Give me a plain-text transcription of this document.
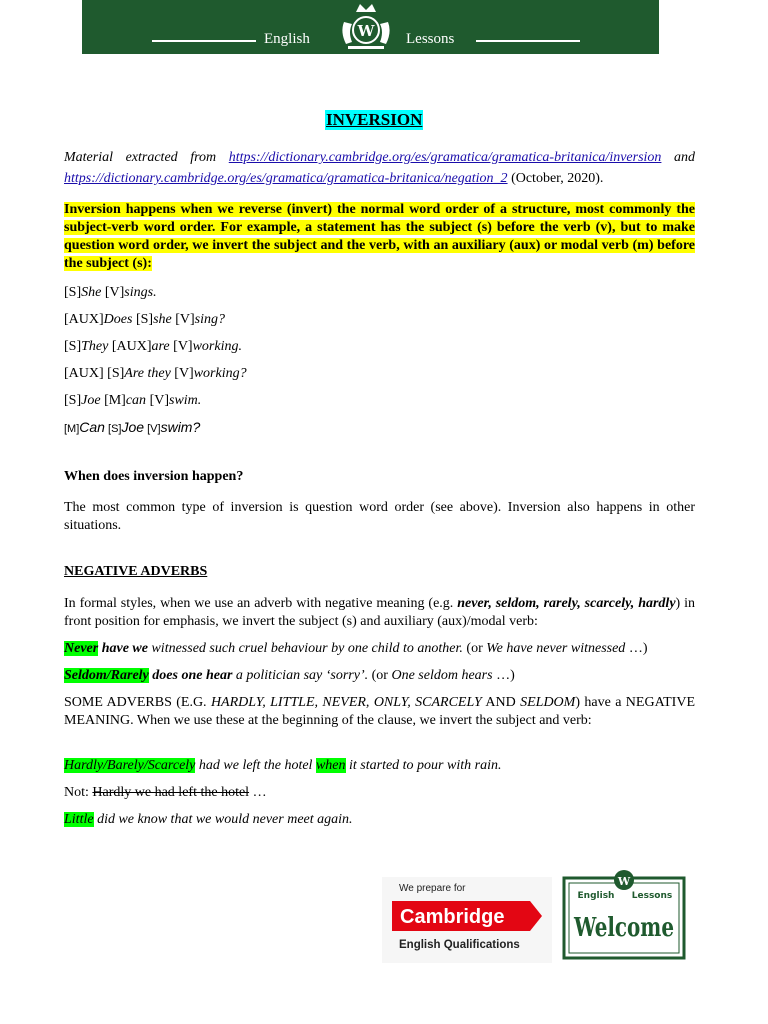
English	W Lessons
INVERSION
Material extracted from https://dictionary.cambridge.org/es/gramatica/gramatica-britanica/inversion and
https://dictionary.cambridge.org/es/gramatica/gramatica-britanica/negation_2 (October, 2020).
Inversion happens when we reverse (invert) the normal word order of a structure, most commonly the subject-verb word order. For example, a statement has the subject (s) before the verb (v), but to make question word order, we invert the subject and the verb, with an auxiliary (aux) or modal verb (m) before the subject (s):
[S]She [V]sings.
[AUX]Does [S]she [V]sing?
[S]They [AUX]are [V]working.
[AUX] [S]Are they [V]working?
[S]Joe [M]can [V]swim.
[M]Can [S]Joe [V]swim?
When does inversion happen?
The most common type of inversion is question word order (see above). Inversion also happens in other situations.
NEGATIVE ADVERBS
In formal styles, when we use an adverb with negative meaning (e.g. never, seldom, rarely, scarcely, hardly) in front position for emphasis, we invert the subject (s) and auxiliary (aux)/modal verb:
Never have we witnessed such cruel behaviour by one child to another. (or We have never witnessed …)
Seldom/Rarely does one hear a politician say ‘sorry’. (or One seldom hears …)
SOME ADVERBS (E.G. HARDLY, LITTLE, NEVER, ONLY, SCARCELY AND SELDOM) have a NEGATIVE MEANING. When we use these at the beginning of the clause, we invert the subject and verb:
Hardly/Barely/Scarcely had we left the hotel when it started to pour with rain.
Not: Hardly we had left the hotel …
Little did we know that we would never meet again.
We prepare for
Cambridge
English Qualifications
W
English Lessons
Welcome
